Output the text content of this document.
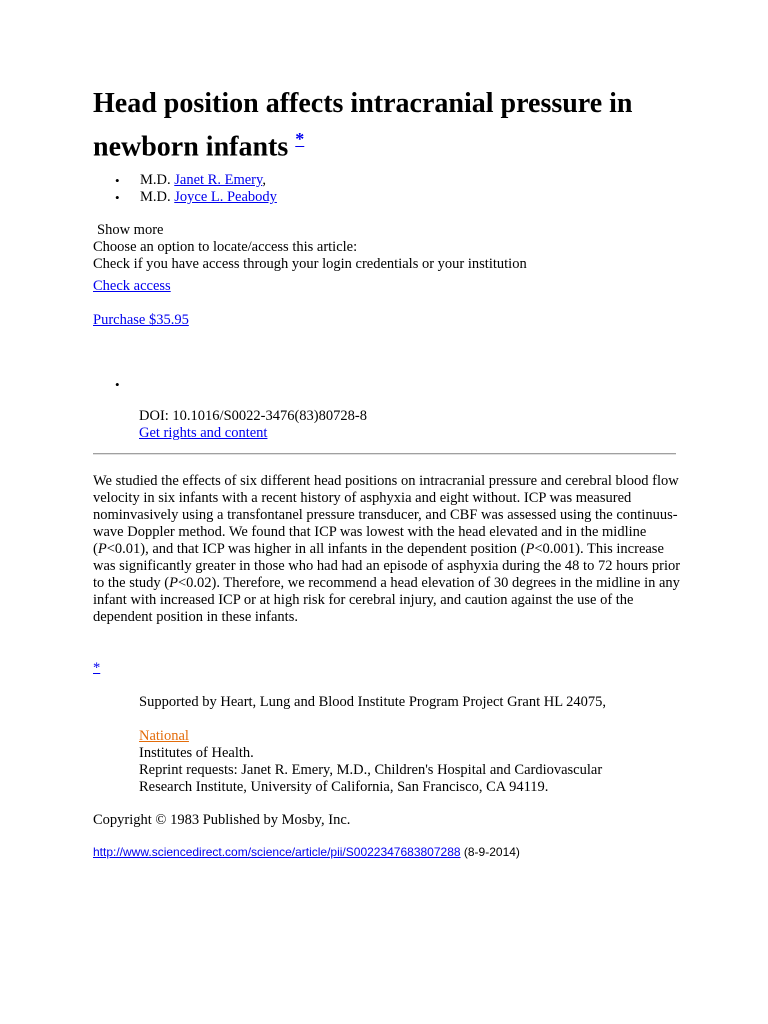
Head position affects intracranial pressure in newborn infants *
• M.D. Janet R. Emery,
• M.D. Joyce L. Peabody
Show more
Choose an option to locate/access this article:
Check if you have access through your login credentials or your institution
Check access
Purchase $35.95
•
DOI: 10.1016/S0022-3476(83)80728-8
Get rights and content

We studied the effects of six different head positions on intracranial pressure and cerebral blood flow velocity in six infants with a recent history of asphyxia and eight without. ICP was measured nominvasively using a transfontanel pressure transducer, and CBF was assessed using the continuus-wave Doppler method. We found that ICP was lowest with the head elevated and in the midline (P<0.01), and that ICP was higher in all infants in the dependent position (P<0.001). This increase was significantly greater in those who had had an episode of asphyxia during the 48 to 72 hours prior to the study (P<0.02). Therefore, we recommend a head elevation of 30 degrees in the midline in any infant with increased ICP or at high risk for cerebral injury, and caution against the use of the dependent position in these infants.

*
Supported by Heart, Lung and Blood Institute Program Project Grant HL 24075,
National
Institutes of Health.
Reprint requests: Janet R. Emery, M.D., Children's Hospital and Cardiovascular
Research Institute, University of California, San Francisco, CA 94119.
Copyright © 1983 Published by Mosby, Inc.
http://www.sciencedirect.com/science/article/pii/S0022347683807288 (8-9-2014)
